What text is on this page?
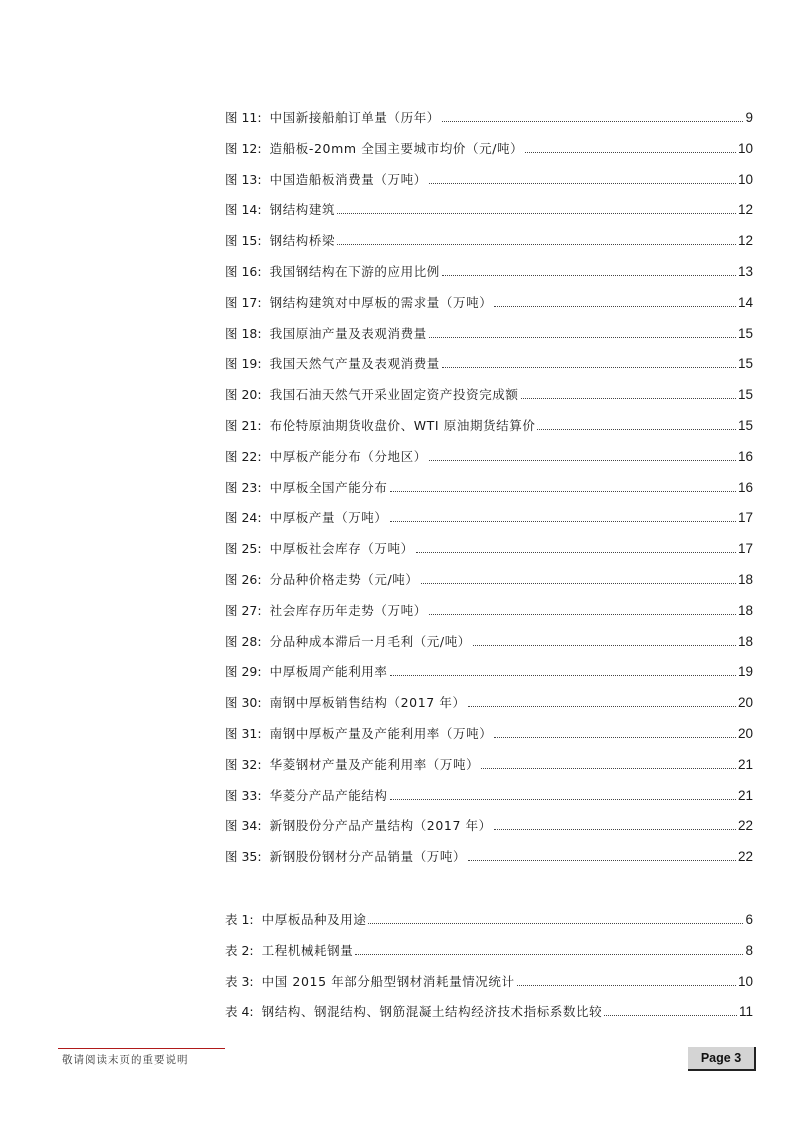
图 11: 中国新接船舶订单量（历年）	9
图 12: 造船板-20mm 全国主要城市均价（元/吨）	10
图 13: 中国造船板消费量（万吨）	10
图 14: 钢结构建筑	12
图 15: 钢结构桥梁	12
图 16: 我国钢结构在下游的应用比例	13
图 17: 钢结构建筑对中厚板的需求量（万吨）	14
图 18: 我国原油产量及表观消费量	15
图 19: 我国天然气产量及表观消费量	15
图 20: 我国石油天然气开采业固定资产投资完成额	15
图 21: 布伦特原油期货收盘价、WTI 原油期货结算价	15
图 22: 中厚板产能分布（分地区）	16
图 23: 中厚板全国产能分布	16
图 24: 中厚板产量（万吨）	17
图 25: 中厚板社会库存（万吨）	17
图 26: 分品种价格走势（元/吨）	18
图 27: 社会库存历年走势（万吨）	18
图 28: 分品种成本滞后一月毛利（元/吨）	18
图 29: 中厚板周产能利用率	19
图 30: 南钢中厚板销售结构（2017 年）	20
图 31: 南钢中厚板产量及产能利用率（万吨）	20
图 32: 华菱钢材产量及产能利用率（万吨）	21
图 33: 华菱分产品产能结构	21
图 34: 新钢股份分产品产量结构（2017 年）	22
图 35: 新钢股份钢材分产品销量（万吨）	22
表 1: 中厚板品种及用途	6
表 2: 工程机械耗钢量	8
表 3: 中国 2015 年部分船型钢材消耗量情况统计	10
表 4: 钢结构、钢混结构、钢筋混凝土结构经济技术指标系数比较	11
敬请阅读末页的重要说明	Page 3
